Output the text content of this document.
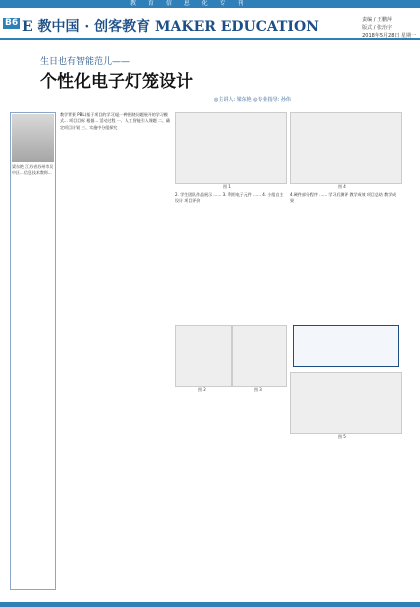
教 育 信 息 化 专 刊
B6 E 教中国 · 创客教育 MAKER EDUCATION	责编 / 王鹏萍
版式 / 张治宇
2018年5月28日 星期一
生日也有智能范儿——
个性化电子灯笼设计
◎主讲人: 梁东艳 ◎专业指导: 孙伟
梁东艳 江苏省苏州市吴中区...信息技术教师...
教学背景 PBL(基于项目的学习)是一种围绕问题展开的学习模式... 项目目标 根据... 活动过程 一、人工智能引入课题 二、确定项目计划 三、实施中分组探究
图 1
2. 学生团队作品展示 …… 3. 利用电子元件 …… 4. 小组自主设计 项目评价
图 2	图 3
图 4
4.硬件部分程序 …… 学习后测评 教学成效 项目总结 教学成果
图 5
